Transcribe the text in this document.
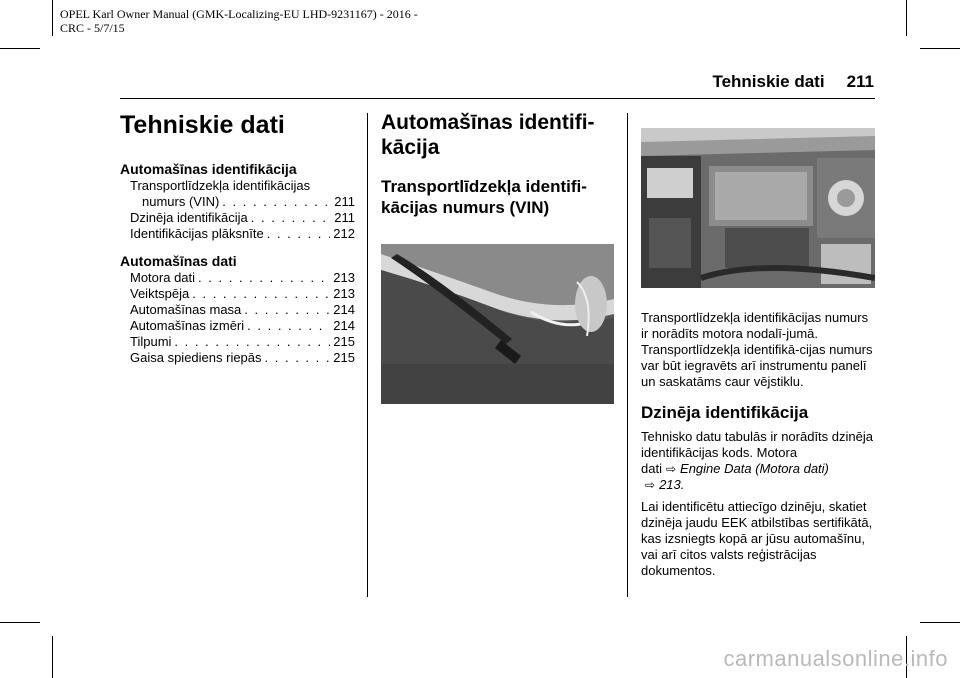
OPEL Karl Owner Manual (GMK-Localizing-EU LHD-9231167) - 2016 -
CRC - 5/7/15
Tehniskie dati 211
Tehniskie dati
Automašīnas identifikācija
Transportlīdzekļa identifikācijas
numurs (VIN) . . .	211
Dzinēja identifikācija . . .	211
Identifikācijas plāksnīte . . .	212
Automašīnas dati
Motora dati . . .	213
Veiktspēja . . .	213
Automašīnas masa . . .	214
Automašīnas izmēri . . .	214
Tilpumi . . .	215
Gaisa spiediens riepās . . .	215
Automašīnas identifi-
kācija
Transportlīdzekļa identifi-
kācijas numurs (VIN)

Transportlīdzekļa identifikācijas numurs ir norādīts motora nodalī-jumā. Transportlīdzekļa identifikā-cijas numurs var būt iegravēts arī instrumentu panelī un saskatāms caur vējstiklu.

Dzinēja identifikācija

Tehnisko datu tabulās ir norādīts dzinēja identifikācijas kods. Motora dati ⇨ Engine Data (Motora dati) ⇨ 213.

Lai identificētu attiecīgo dzinēju, skatiet dzinēja jaudu EEK atbilstības sertifikātā, kas izsniegts kopā ar jūsu automašīnu, vai arī citos valsts reģistrācijas dokumentos.

carmanualsonline.info
